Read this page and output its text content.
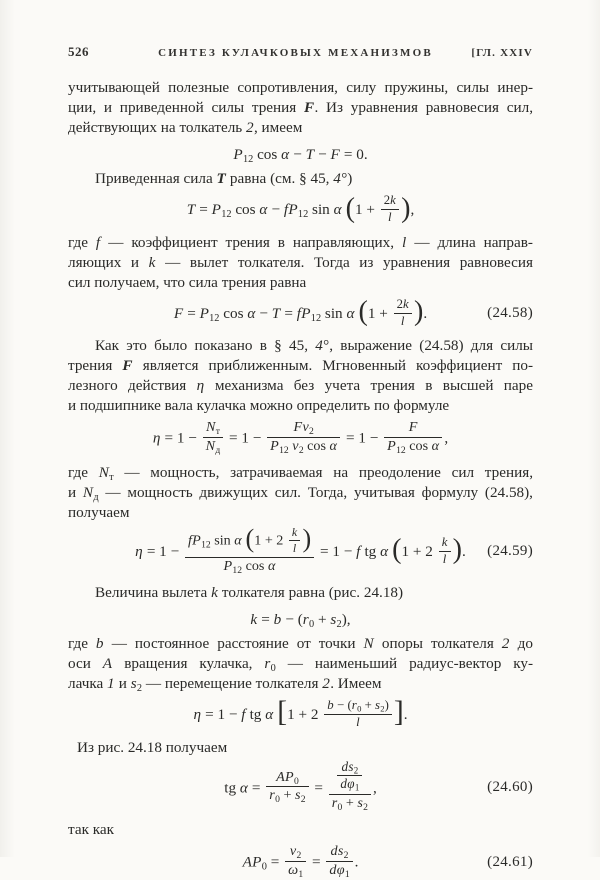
526	СИНТЕЗ КУЛАЧКОВЫХ МЕХАНИЗМОВ	[ГЛ. XXIV
учитывающей полезные сопротивления, силу пружины, силы инер-
ции, и приведенной силы трения F. Из уравнения равновесия сил,
действующих на толкатель 2, имеем
$P_{12}$ cos α − T − F = 0.
Приведенная сила T равна (см. § 45, 4°)
$T = P_{12}$ $\cos \alpha - fP_{12}$ sin α ($1 + \frac{2k}{l}$ ),
где f — коэффициент трения в направляющих, l — длина направ-
ляющих и k — вылет толкателя. Тогда из уравнения равновесия
сил получаем, что сила трения равна
$F = P_{12}$ $\cos \alpha - T = fP_{12}$ sin α ($1 + \frac{2k}{l}$ ).	(24.58)
Как это было показано в § 45, 4°, выражение (24.58) для силы
трения F является приближенным. Мгновенный коэффициент по-
лезного действия η механизма без учета трения в высшей паре
и подшипнике вала кулачка можно определить по формуле
η = 1 −
$N_т$
$N_д$
= $1 - \frac{Fv_2}{P_{12} v_2 \cos \alpha} = 1 - \frac{F}{P_{12} \cos \alpha}$ ,
где $N_т$ — мощность, затрачиваемая на преодоление сил трения,
и $N_д$ — мощность движущих сил. Тогда, учитывая формулу (24.58),
получаем
$\eta = 1 - \frac{fP_{12} \sin \alpha (1 + 2 \frac{k}{l} )}{P_{12} \cos \alpha} = 1 - f$ tg α ($1 + 2 \frac{k}{l}$ ). (24.59)
Величина вылета k толкателя равна (рис. 24.18)
$k = b - (r_0 + s_2)$,
где b — постоянное расстояние от точки N опоры толкателя 2 до
оси А вращения кулачка, $r_0$ — наименьший радиус-вектор ку-
лачка 1 и $s_2$ — перемещение толкателя 2. Имеем
η = 1 − f tg α [$1 + 2 \frac{b - (r_0 + s_2)}{l}$ ].
Из рис. 24.18 получаем
tg $\alpha = \frac{AP_0}{r_0 + s_2} = \frac{\frac{ds_2}{d\varphi_1}}{r_0 + s_2}$ ,	(24.60)
так как
$AP_0 = \frac{v_2}{\omega_1} = \frac{ds_2}{d\varphi_1}$ .	(24.61)
